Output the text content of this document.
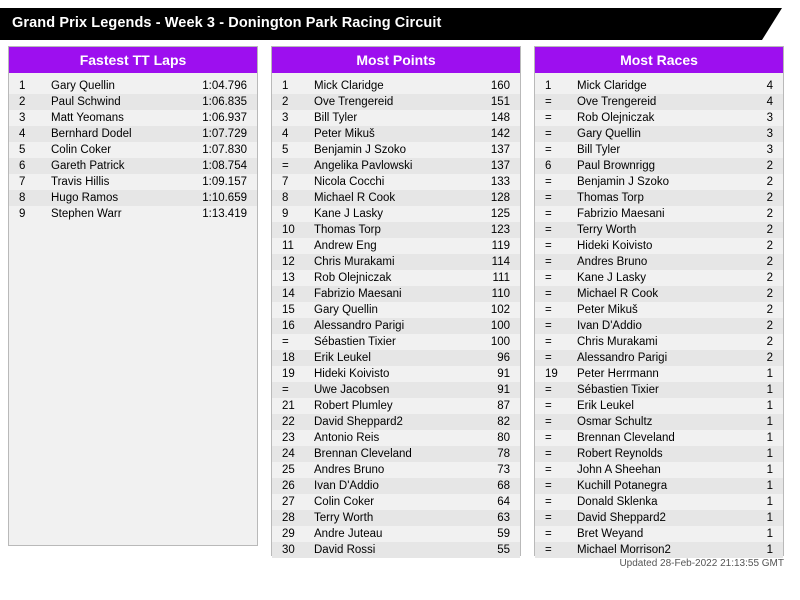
Grand Prix Legends - Week 3 - Donington Park Racing Circuit
Fastest TT Laps
1	Gary Quellin	1:04.796
2	Paul Schwind	1:06.835
3	Matt Yeomans	1:06.937
4	Bernhard Dodel	1:07.729
5	Colin Coker	1:07.830
6	Gareth Patrick	1:08.754
7	Travis Hillis	1:09.157
8	Hugo Ramos	1:10.659
9	Stephen Warr	1:13.419
Most Points
1	Mick Claridge	160
2	Ove Trengereid	151
3	Bill Tyler	148
4	Peter Mikuš	142
5	Benjamin J Szoko	137
=	Angelika Pavlowski	137
7	Nicola Cocchi	133
8	Michael R Cook	128
9	Kane J Lasky	125
10	Thomas Torp	123
11	Andrew Eng	119
12	Chris Murakami	114
13	Rob Olejniczak	111
14	Fabrizio Maesani	110
15	Gary Quellin	102
16	Alessandro Parigi	100
=	Sébastien Tixier	100
18	Erik Leukel	96
19	Hideki Koivisto	91
=	Uwe Jacobsen	91
21	Robert Plumley	87
22	David Sheppard2	82
23	Antonio Reis	80
24	Brennan Cleveland	78
25	Andres Bruno	73
26	Ivan D'Addio	68
27	Colin Coker	64
28	Terry Worth	63
29	Andre Juteau	59
30	David Rossi	55
Most Races
1	Mick Claridge	4
=	Ove Trengereid	4
=	Rob Olejniczak	3
=	Gary Quellin	3
=	Bill Tyler	3
6	Paul Brownrigg	2
=	Benjamin J Szoko	2
=	Thomas Torp	2
=	Fabrizio Maesani	2
=	Terry Worth	2
=	Hideki Koivisto	2
=	Andres Bruno	2
=	Kane J Lasky	2
=	Michael R Cook	2
=	Peter Mikuš	2
=	Ivan D'Addio	2
=	Chris Murakami	2
=	Alessandro Parigi	2
19	Peter Herrmann	1
=	Sébastien Tixier	1
=	Erik Leukel	1
=	Osmar Schultz	1
=	Brennan Cleveland	1
=	Robert Reynolds	1
=	John A Sheehan	1
=	Kuchill Potanegra	1
=	Donald Sklenka	1
=	David Sheppard2	1
=	Bret Weyand	1
=	Michael Morrison2	1
Updated 28-Feb-2022 21:13:55 GMT
